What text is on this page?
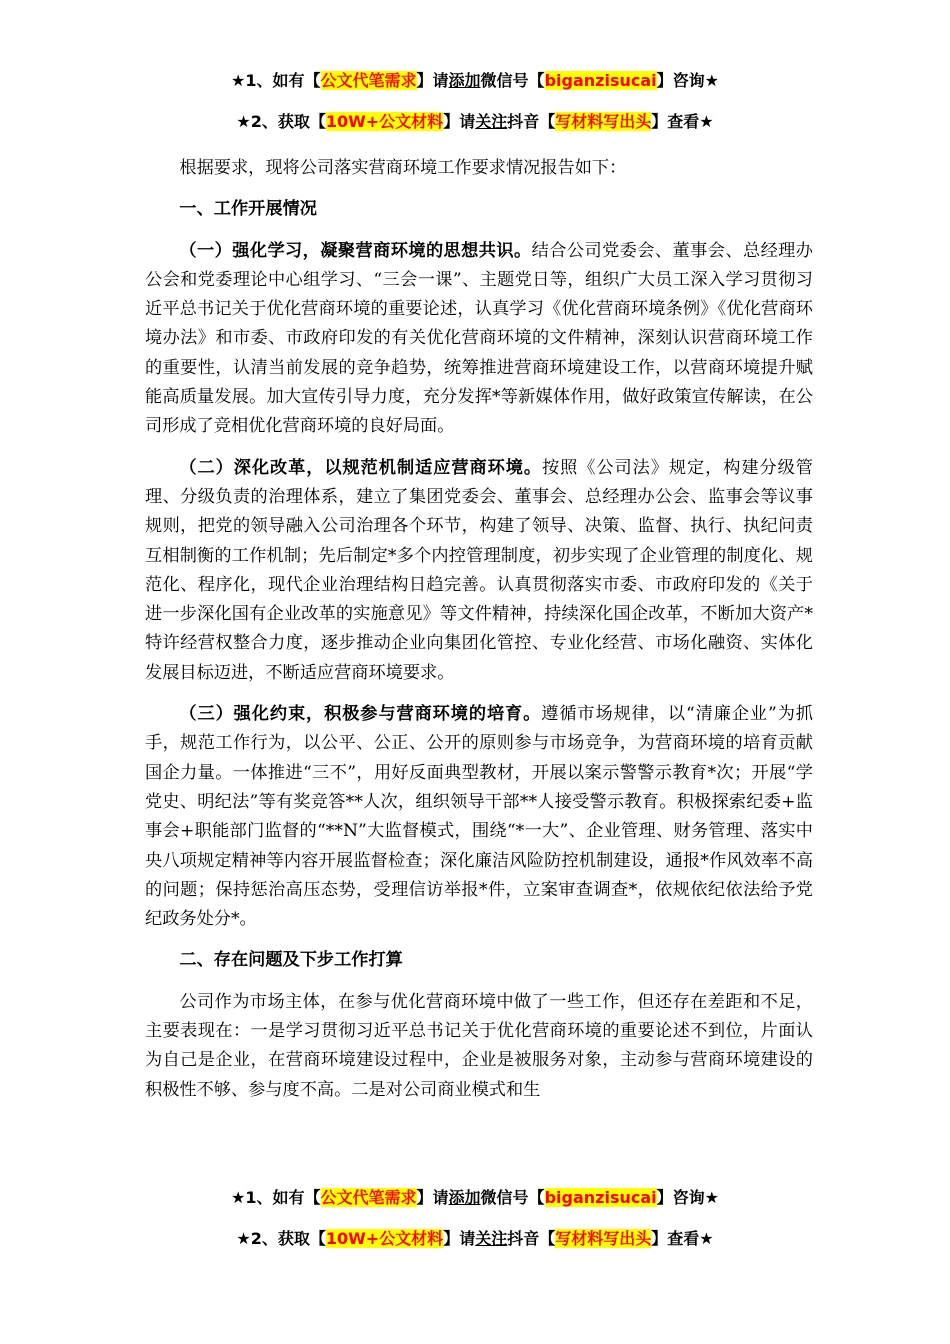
★1、如有【公文代笔需求】请添加微信号【biganzisucai】咨询★
★2、获取【10W+公文材料】请关注抖音【写材料写出头】查看★

根据要求，现将公司落实营商环境工作要求情况报告如下：

一、工作开展情况

（一）强化学习，凝聚营商环境的思想共识。结合公司党委会、董事会、总经理办公会和党委理论中心组学习、“三会一课”、主题党日等，组织广大员工深入学习贯彻习近平总书记关于优化营商环境的重要论述，认真学习《优化营商环境条例》《优化营商环境办法》和市委、市政府印发的有关优化营商环境的文件精神，深刻认识营商环境工作的重要性，认清当前发展的竞争趋势，统筹推进营商环境建设工作，以营商环境提升赋能高质量发展。加大宣传引导力度，充分发挥*等新媒体作用，做好政策宣传解读，在公司形成了竞相优化营商环境的良好局面。

（二）深化改革，以规范机制适应营商环境。按照《公司法》规定，构建分级管理、分级负责的治理体系，建立了集团党委会、董事会、总经理办公会、监事会等议事规则，把党的领导融入公司治理各个环节，构建了领导、决策、监督、执行、执纪问责互相制衡的工作机制；先后制定*多个内控管理制度，初步实现了企业管理的制度化、规范化、程序化，现代企业治理结构日趋完善。认真贯彻落实市委、市政府印发的《关于进一步深化国有企业改革的实施意见》等文件精神，持续深化国企改革，不断加大资产*特许经营权整合力度，逐步推动企业向集团化管控、专业化经营、市场化融资、实体化发展目标迈进，不断适应营商环境要求。

（三）强化约束，积极参与营商环境的培育。遵循市场规律，以“清廉企业”为抓手，规范工作行为，以公平、公正、公开的原则参与市场竞争，为营商环境的培育贡献国企力量。一体推进“三不”，用好反面典型教材，开展以案示警警示教育*次；开展“学党史、明纪法”等有奖竞答**人次，组织领导干部**人接受警示教育。积极探索纪委+监事会+职能部门监督的“**N”大监督模式，围绕“*一大”、企业管理、财务管理、落实中央八项规定精神等内容开展监督检查；深化廉洁风险防控机制建设，通报*作风效率不高的问题；保持惩治高压态势，受理信访举报*件，立案审查调查*，依规依纪依法给予党纪政务处分*。

二、存在问题及下步工作打算

公司作为市场主体，在参与优化营商环境中做了一些工作，但还存在差距和不足，主要表现在：一是学习贯彻习近平总书记关于优化营商环境的重要论述不到位，片面认为自己是企业，在营商环境建设过程中，企业是被服务对象，主动参与营商环境建设的积极性不够、参与度不高。二是对公司商业模式和生

★1、如有【公文代笔需求】请添加微信号【biganzisucai】咨询★
★2、获取【10W+公文材料】请关注抖音【写材料写出头】查看★
